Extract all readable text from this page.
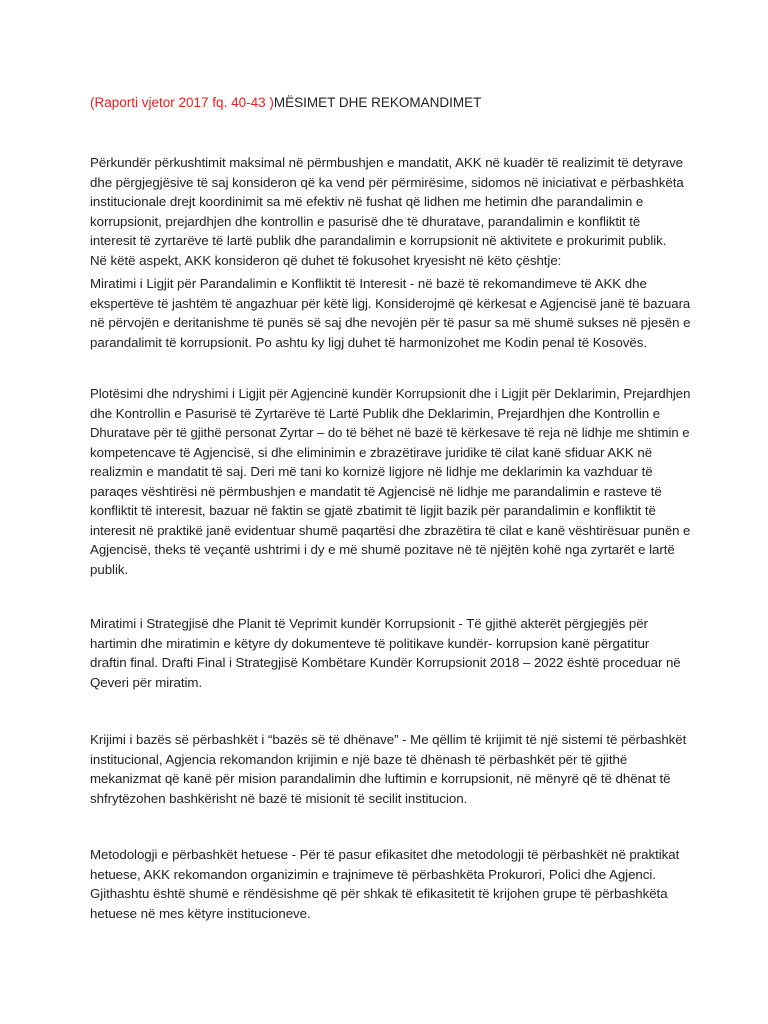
(Raporti vjetor 2017 fq. 40-43 )MËSIMET DHE REKOMANDIMET
Përkundër përkushtimit maksimal në përmbushjen e mandatit, AKK në kuadër të realizimit të detyrave
dhe përgjegjësive të saj konsideron që ka vend për përmirësime, sidomos në iniciativat e përbashkëta
institucionale drejt koordinimit sa më efektiv në fushat që lidhen me hetimin dhe parandalimin e
korrupsionit, prejardhjen dhe kontrollin e pasurisë dhe të dhuratave, parandalimin e konfliktit të
interesit të zyrtarëve të lartë publik dhe parandalimin e korrupsionit në aktivitete e prokurimit publik.
Në këtë aspekt, AKK konsideron që duhet të fokusohet kryesisht në këto çështje:
Miratimi i Ligjit për Parandalimin e Konfliktit të Interesit - në bazë të rekomandimeve të AKK dhe
ekspertëve të jashtëm të angazhuar për këtë ligj. Konsiderojmë që kërkesat e Agjencisë janë të bazuara
në përvojën e deritanishme të punës së saj dhe nevojën për të pasur sa më shumë sukses në pjesën e
parandalimit të korrupsionit. Po ashtu ky ligj duhet të harmonizohet me Kodin penal të Kosovës.
Plotësimi dhe ndryshimi i Ligjit për Agjencinë kundër Korrupsionit dhe i Ligjit për Deklarimin, Prejardhjen
dhe Kontrollin e Pasurisë të Zyrtarëve të Lartë Publik dhe Deklarimin, Prejardhjen dhe Kontrollin e
Dhuratave për të gjithë personat Zyrtar – do të bëhet në bazë të kërkesave të reja në lidhje me shtimin e
kompetencave të Agjencisë, si dhe eliminimin e zbrazëtirave juridike të cilat kanë sfiduar AKK në
realizmin e mandatit të saj. Deri më tani ko kornizë ligjore në lidhje me deklarimin ka vazhduar të
paraqes vështirësi në përmbushjen e mandatit të Agjencisë në lidhje me parandalimin e rasteve të
konfliktit të interesit, bazuar në faktin se gjatë zbatimit të ligjit bazik për parandalimin e konfliktit të
interesit në praktikë janë evidentuar shumë paqartësi dhe zbrazëtira të cilat e kanë vështirësuar punën e
Agjencisë, theks të veçantë ushtrimi i dy e më shumë pozitave në të njëjtën kohë nga zyrtarët e lartë
publik.
Miratimi i Strategjisë dhe Planit të Veprimit kundër Korrupsionit - Të gjithë akterët përgjegjës për
hartimin dhe miratimin e këtyre dy dokumenteve të politikave kundër- korrupsion kanë përgatitur
draftin final. Drafti Final i Strategjisë Kombëtare Kundër Korrupsionit 2018 – 2022 është proceduar në
Qeveri për miratim.
Krijimi i bazës së përbashkët i “bazës së të dhënave” - Me qëllim të krijimit të një sistemi të përbashkët
institucional, Agjencia rekomandon krijimin e një baze të dhënash të përbashkët për të gjithë
mekanizmat që kanë për mision parandalimin dhe luftimin e korrupsionit, në mënyrë që të dhënat të
shfrytëzohen bashkërisht në bazë të misionit të secilit institucion.
Metodologji e përbashkët hetuese - Për të pasur efikasitet dhe metodologji të përbashkët në praktikat
hetuese, AKK rekomandon organizimin e trajnimeve të përbashkëta Prokurori, Polici dhe Agjenci.
Gjithashtu është shumë e rëndësishme që për shkak të efikasitetit të krijohen grupe të përbashkëta
hetuese në mes këtyre institucioneve.
